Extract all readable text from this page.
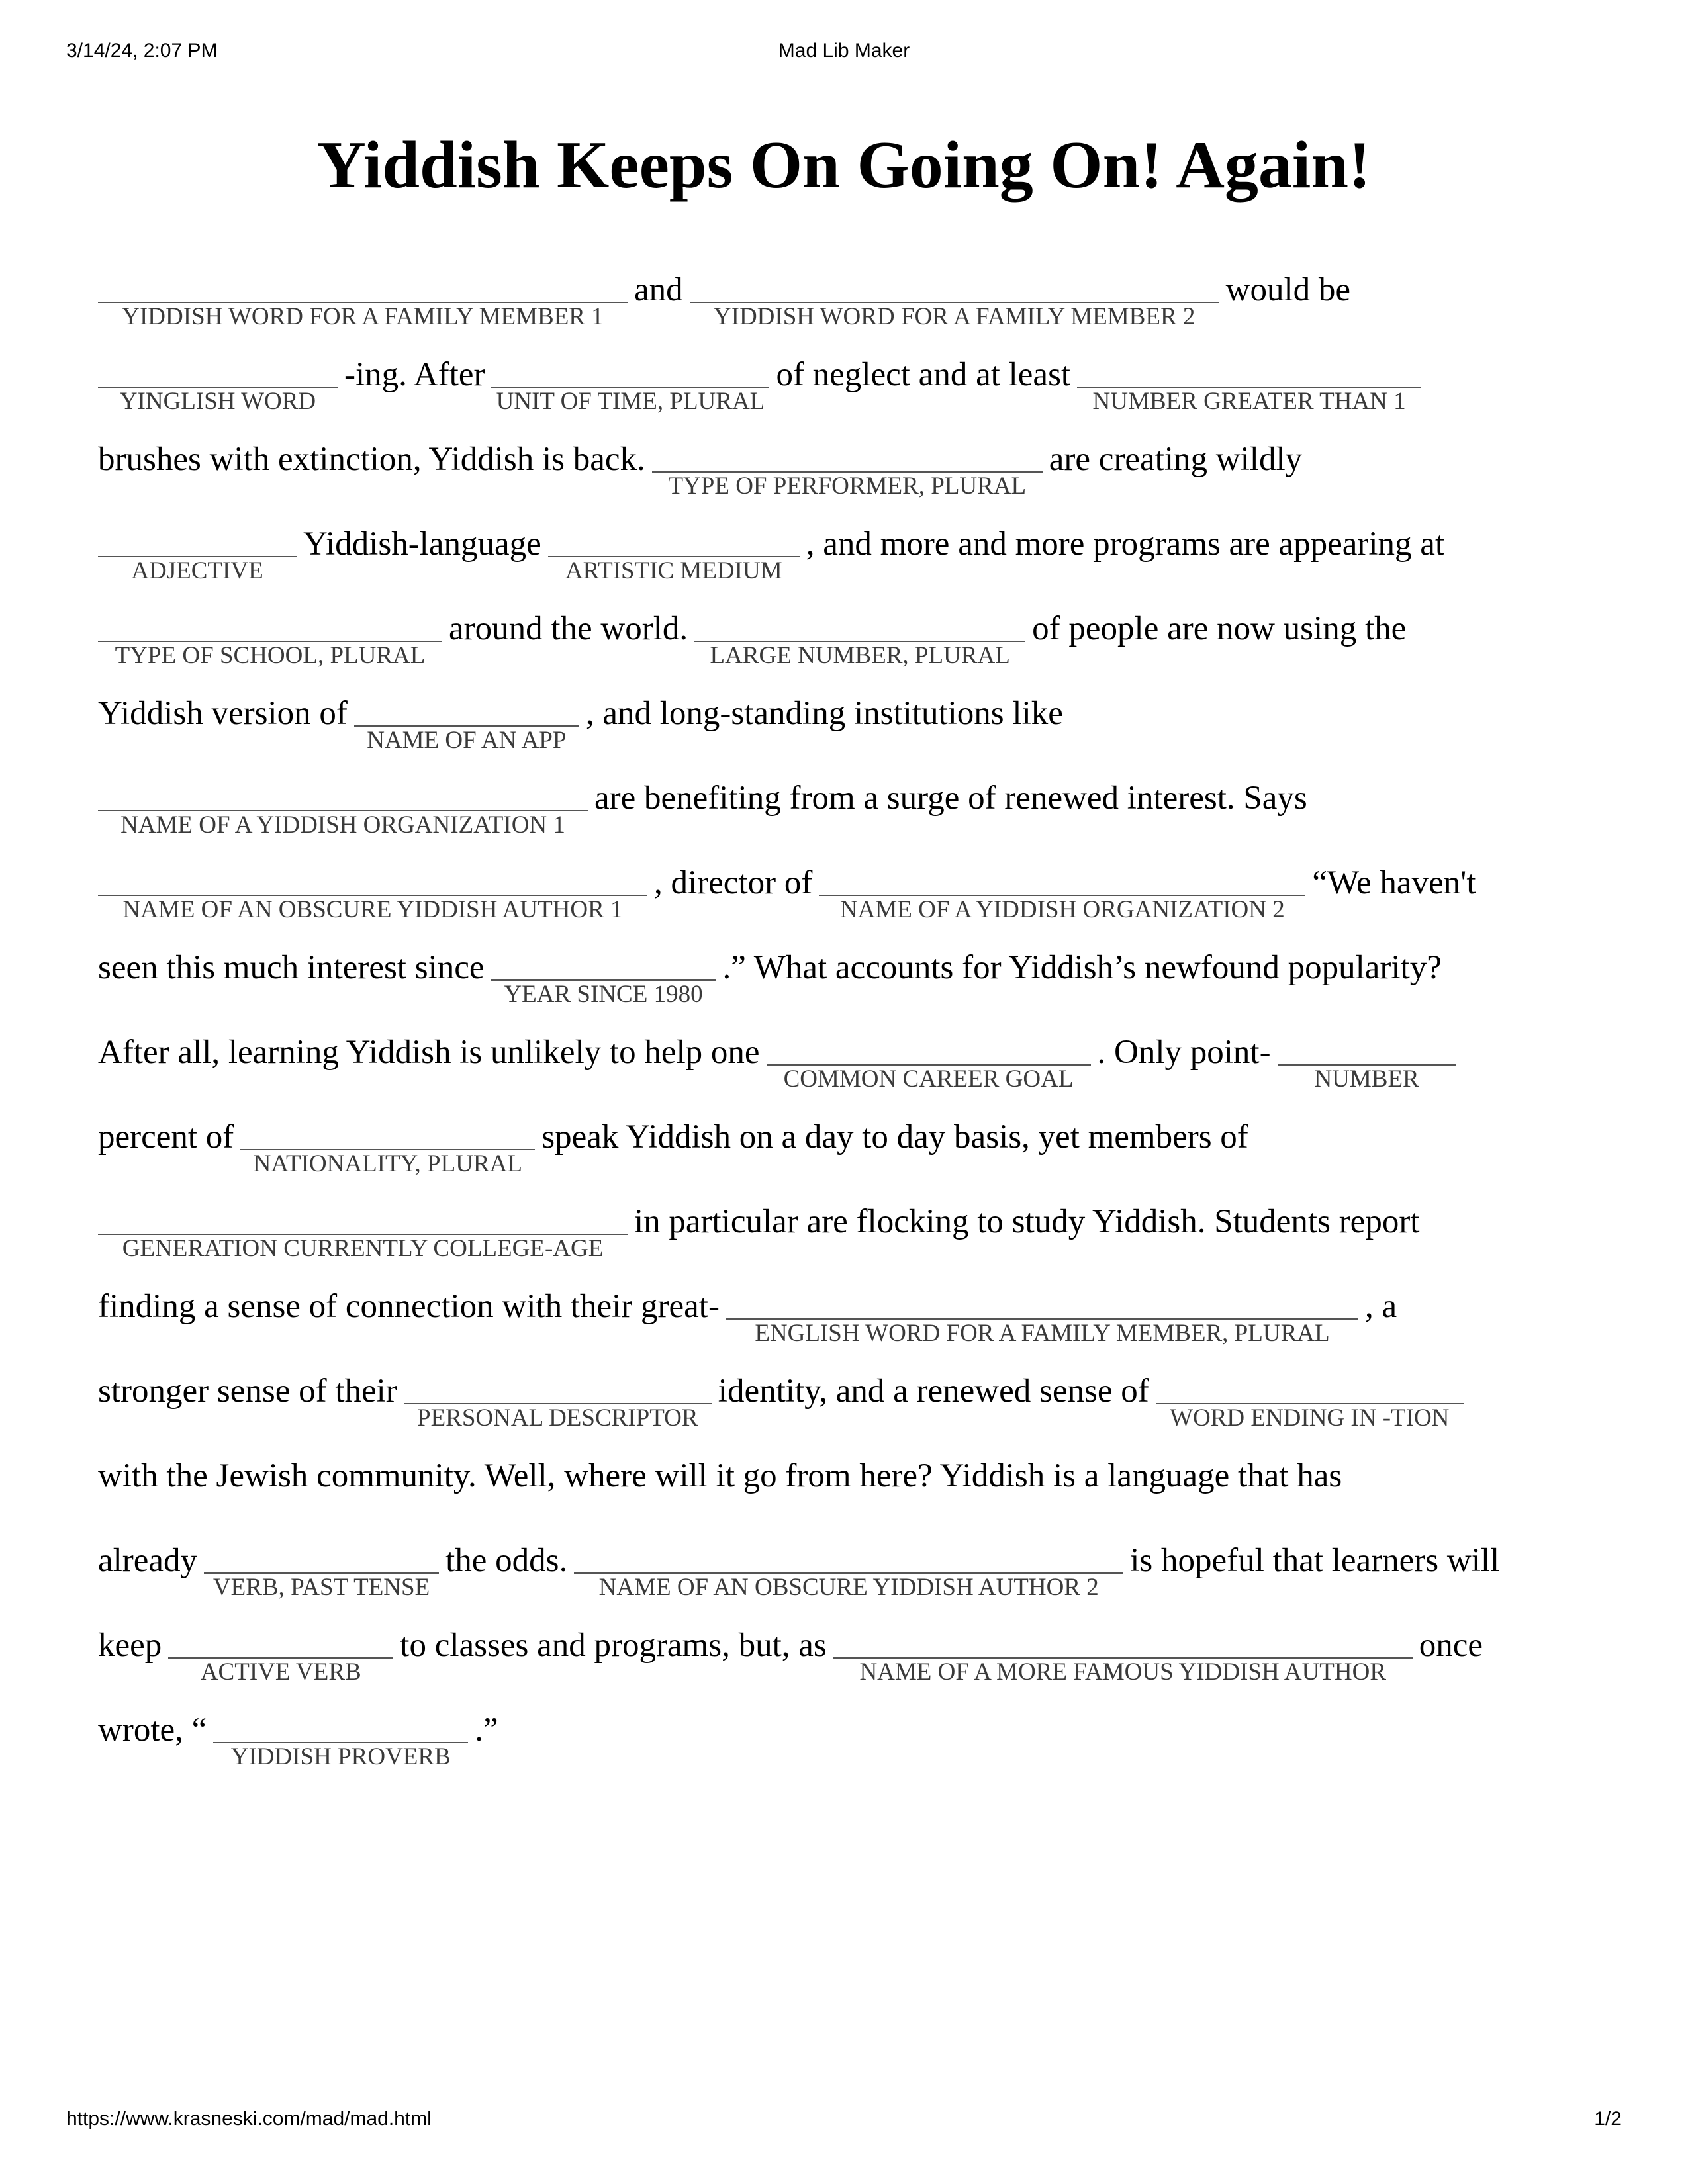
3/14/24, 2:07 PM	Mad Lib Maker
Yiddish Keeps On Going On! Again!
YIDDISH WORD FOR A FAMILY MEMBER 1
and
YIDDISH WORD FOR A FAMILY MEMBER 2
would be
YINGLISH WORD
-ing. After
UNIT OF TIME, PLURAL
of neglect and at least
NUMBER GREATER THAN 1
brushes with extinction, Yiddish is back.
TYPE OF PERFORMER, PLURAL
are creating wildly
ADJECTIVE
Yiddish-language
ARTISTIC MEDIUM
, and more and more programs are appearing at
TYPE OF SCHOOL, PLURAL
around the world.
LARGE NUMBER, PLURAL
of people are now using the
Yiddish version of
NAME OF AN APP
, and long-standing institutions like
NAME OF A YIDDISH ORGANIZATION 1
are benefiting from a surge of renewed interest. Says
NAME OF AN OBSCURE YIDDISH AUTHOR 1
, director of
NAME OF A YIDDISH ORGANIZATION 2
“We haven't
seen this much interest since
YEAR SINCE 1980
.” What accounts for Yiddish’s newfound popularity?
After all, learning Yiddish is unlikely to help one
COMMON CAREER GOAL
. Only point-
NUMBER
percent of
NATIONALITY, PLURAL
speak Yiddish on a day to day basis, yet members of
GENERATION CURRENTLY COLLEGE-AGE
in particular are flocking to study Yiddish. Students report
finding a sense of connection with their great-
ENGLISH WORD FOR A FAMILY MEMBER, PLURAL
, a
stronger sense of their
PERSONAL DESCRIPTOR
identity, and a renewed sense of
WORD ENDING IN -TION
with the Jewish community. Well, where will it go from here? Yiddish is a language that has
already
VERB, PAST TENSE
the odds.
NAME OF AN OBSCURE YIDDISH AUTHOR 2
is hopeful that learners will
keep
ACTIVE VERB
to classes and programs, but, as
NAME OF A MORE FAMOUS YIDDISH AUTHOR
once
wrote, “
YIDDISH PROVERB
.”
https://www.krasneski.com/mad/mad.html	1/2
